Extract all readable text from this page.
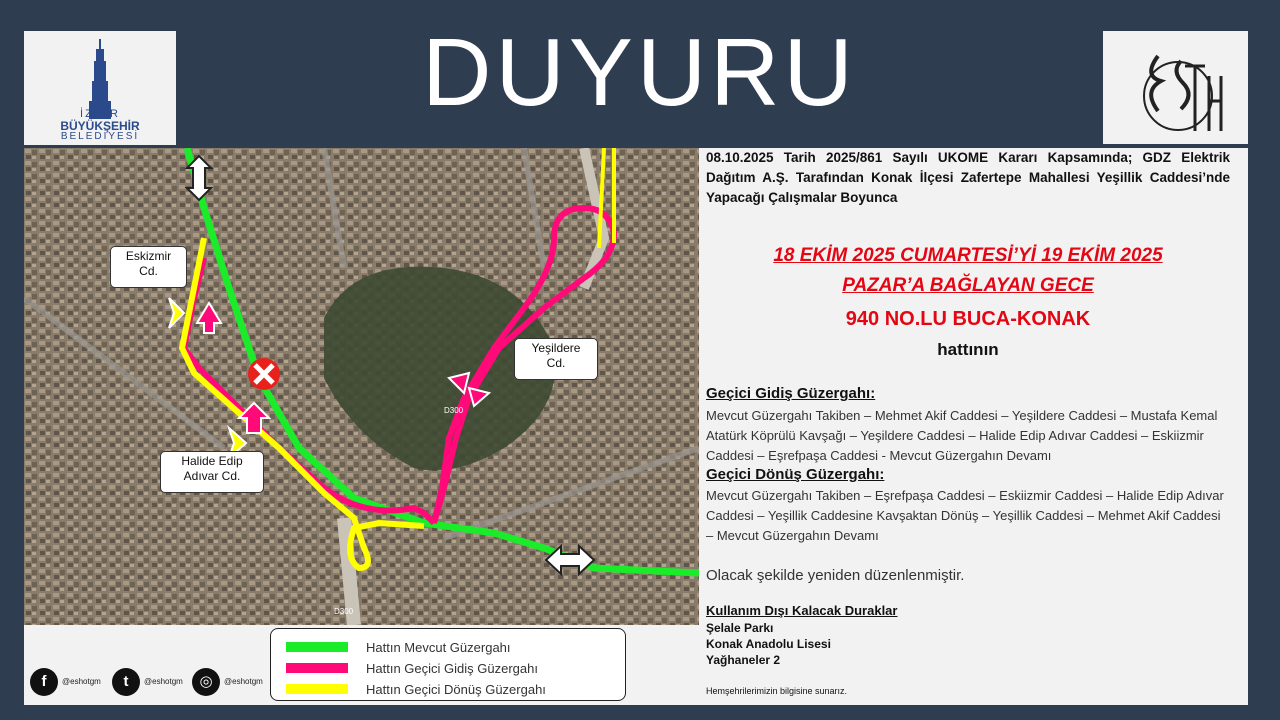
İZMİR
BÜYÜKŞEHİR
BELEDİYESİ
DUYURU
D300
D300
Eskizmir
Cd.
Yeşildere
Cd.
Halide Edip
Adıvar Cd.
Hattın Mevcut Güzergahı
Hattın Geçici Gidiş Güzergahı
Hattın Geçici Dönüş Güzergahı
f	@eshotgm	t	@eshotgm	◎	@eshotgm
08.10.2025 Tarih 2025/861 Sayılı UKOME Kararı Kapsamında; GDZ Elektrik Dağıtım A.Ş. Tarafından Konak İlçesi Zafertepe Mahallesi Yeşillik Caddesi’nde Yapacağı Çalışmalar Boyunca
18 EKİM 2025 CUMARTESİ’Yİ 19 EKİM 2025
PAZAR’A BAĞLAYAN GECE
940 NO.LU BUCA-KONAK
hattının
Geçici Gidiş Güzergahı:
Mevcut Güzergahı Takiben – Mehmet Akif Caddesi – Yeşildere Caddesi – Mustafa Kemal Atatürk Köprülü Kavşağı – Yeşildere Caddesi – Halide Edip Adıvar Caddesi – Eskiizmir Caddesi – Eşrefpaşa Caddesi - Mevcut Güzergahın Devamı
Geçici Dönüş Güzergahı:
Mevcut Güzergahı Takiben – Eşrefpaşa Caddesi – Eskiizmir Caddesi – Halide Edip Adıvar Caddesi – Yeşillik Caddesine Kavşaktan Dönüş – Yeşillik Caddesi – Mehmet Akif Caddesi – Mevcut Güzergahın Devamı
Olacak şekilde yeniden düzenlenmiştir.
Kullanım Dışı Kalacak Duraklar
Şelale Parkı
Konak Anadolu Lisesi
Yağhaneler 2
Hemşehrilerimizin bilgisine sunarız.
